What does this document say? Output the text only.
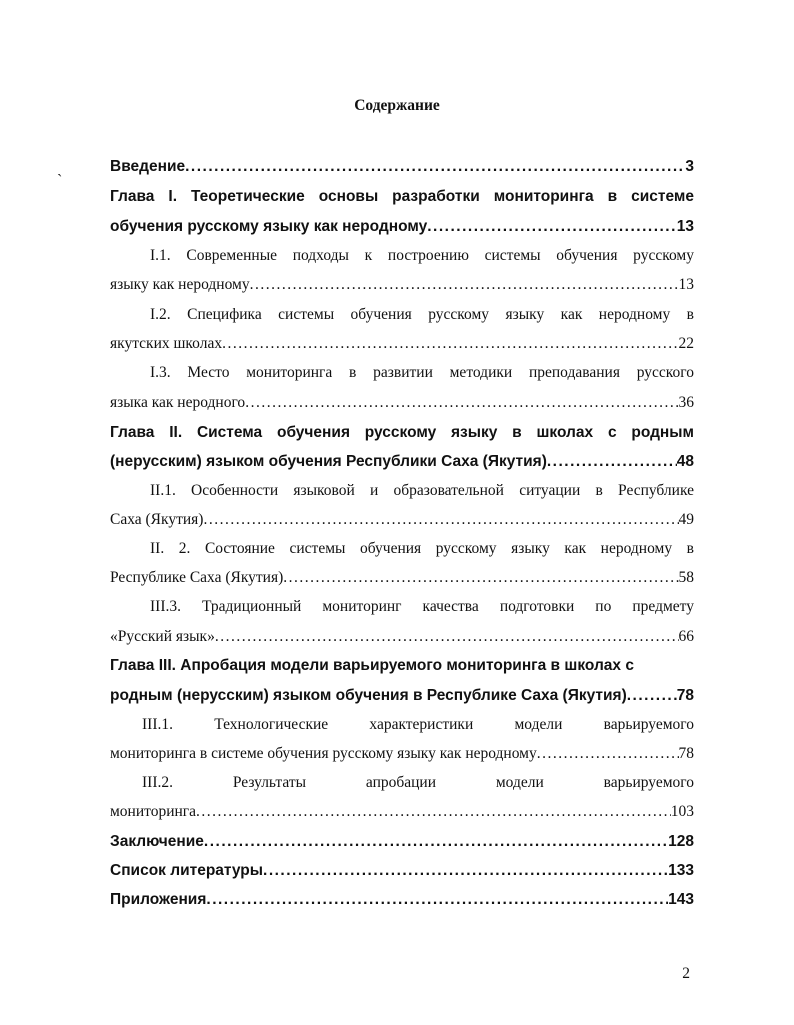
Содержание
ˋ
Введение .....	3
Глава I. Теоретические основы разработки мониторинга в системе
обучения русскому языку как неродному .....	13
I.1. Современные подходы к построению системы обучения русскому
языку как неродному .....	13
I.2. Специфика системы обучения русскому языку как неродному в
якутских школах .....	22
I.3. Место мониторинга в развитии методики преподавания русского
языка как неродного .....	36
Глава II. Система обучения русскому языку в школах с родным
(нерусским) языком обучения Республики Саха (Якутия) .....	48
II.1. Особенности языковой и образовательной ситуации в Республике
Саха (Якутия) .....	49
II. 2. Состояние системы обучения русскому языку как неродному в
Республике Саха (Якутия) .....	58
III.3. Традиционный мониторинг качества подготовки по предмету
«Русский язык» .....	66
Глава III. Апробация модели варьируемого мониторинга в школах с
родным (нерусским) языком обучения в Республике Саха (Якутия) .....	78
III.1. Технологические характеристики модели варьируемого
мониторинга в системе обучения русскому языку как неродному .....	78
III.2. Результаты апробации модели варьируемого
мониторинга .....	103
Заключение .....	128
Список литературы .....	133
Приложения .....	143
2
